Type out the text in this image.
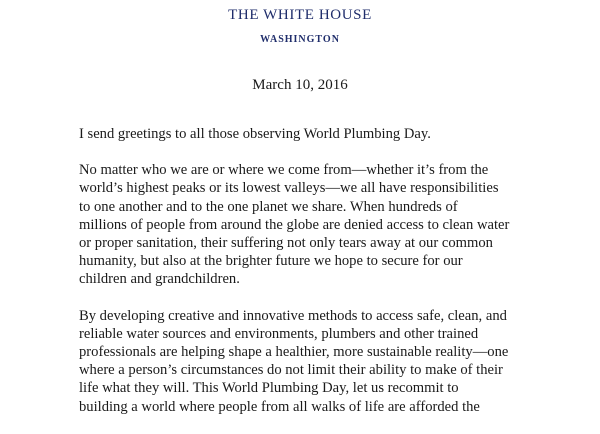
THE WHITE HOUSE
WASHINGTON
March 10, 2016

I send greetings to all those observing World Plumbing Day.

No matter who we are or where we come from—whether it’s from the
world’s highest peaks or its lowest valleys—we all have responsibilities
to one another and to the one planet we share. When hundreds of
millions of people from around the globe are denied access to clean water
or proper sanitation, their suffering not only tears away at our common
humanity, but also at the brighter future we hope to secure for our
children and grandchildren.

By developing creative and innovative methods to access safe, clean, and
reliable water sources and environments, plumbers and other trained
professionals are helping shape a healthier, more sustainable reality—one
where a person’s circumstances do not limit their ability to make of their
life what they will. This World Plumbing Day, let us recommit to
building a world where people from all walks of life are afforded the
